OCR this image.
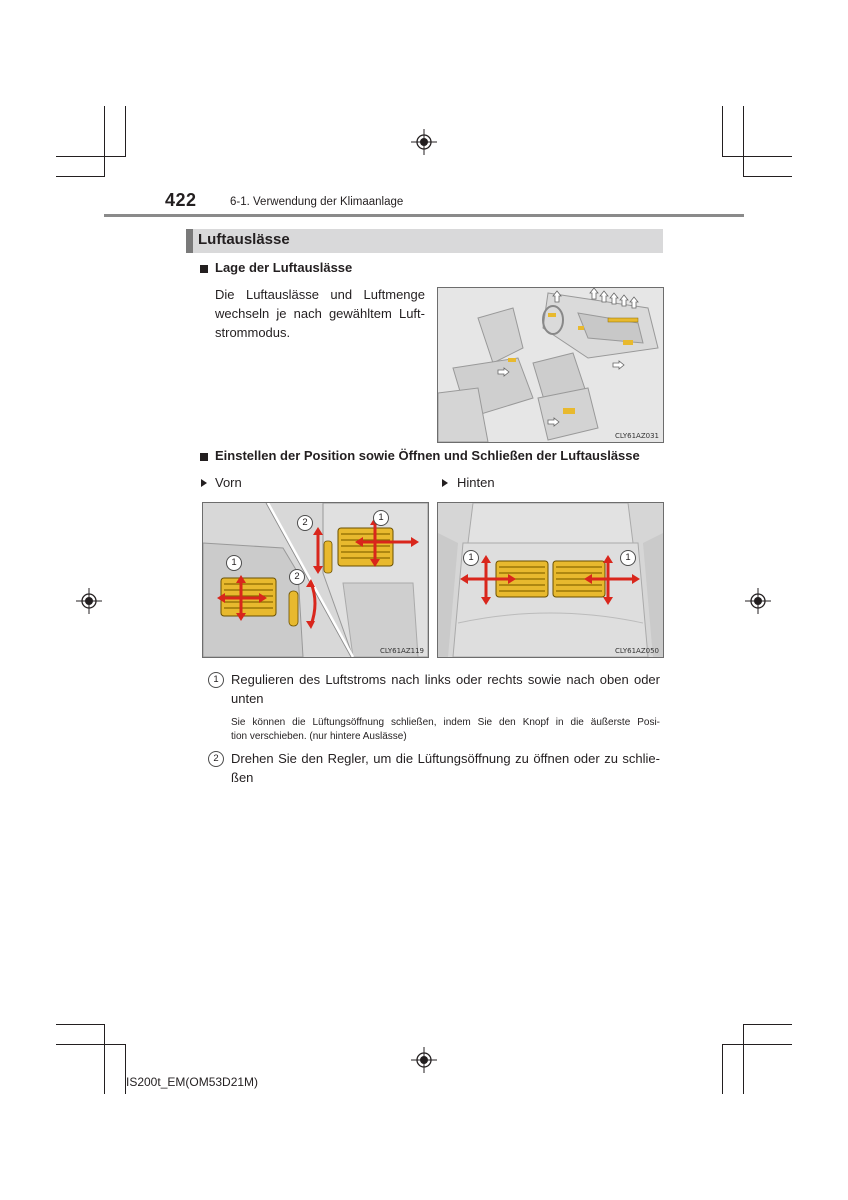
422	6-1. Verwendung der Klimaanlage
Luftauslässe
Lage der Luftauslässe
Die Luftauslässe und Luftmenge
wechseln je nach gewähltem Luft-
strommodus.
CLY61AZ031
Einstellen der Position sowie Öffnen und Schließen der Luftauslässe
Vorn	Hinten
1
2
1
2
CLY61AZ119
1	1
CLY61AZ050
1 Regulieren des Luftstroms nach links oder rechts sowie nach oben oder
unten
Sie können die Lüftungsöffnung schließen, indem Sie den Knopf in die äußerste Posi-
tion verschieben. (nur hintere Auslässe)
2 Drehen Sie den Regler, um die Lüftungsöffnung zu öffnen oder zu schlie-
ßen
IS200t_EM(OM53D21M)
